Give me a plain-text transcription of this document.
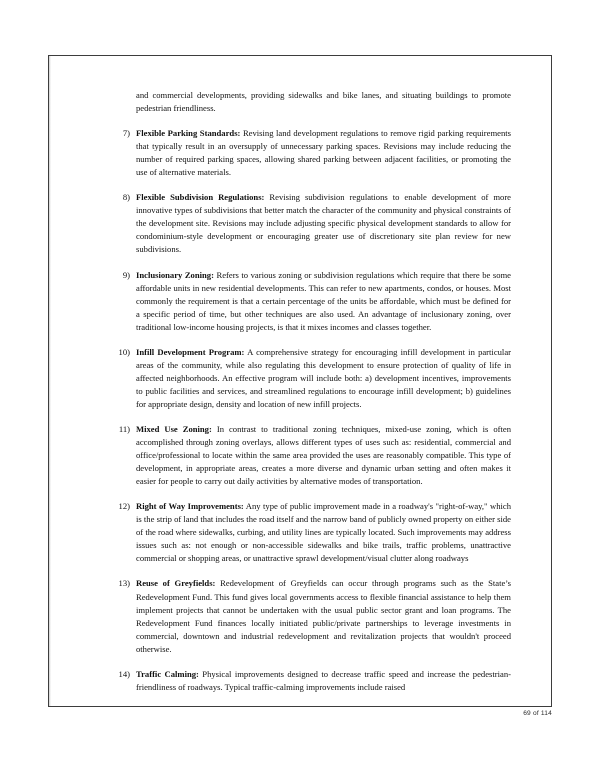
and commercial developments, providing sidewalks and bike lanes, and situating buildings to promote pedestrian friendliness.

7) Flexible Parking Standards: Revising land development regulations to remove rigid parking requirements that typically result in an oversupply of unnecessary parking spaces. Revisions may include reducing the number of required parking spaces, allowing shared parking between adjacent facilities, or promoting the use of alternative materials.
8) Flexible Subdivision Regulations: Revising subdivision regulations to enable development of more innovative types of subdivisions that better match the character of the community and physical constraints of the development site. Revisions may include adjusting specific physical development standards to allow for condominium-style development or encouraging greater use of discretionary site plan review for new subdivisions.
9) Inclusionary Zoning: Refers to various zoning or subdivision regulations which require that there be some affordable units in new residential developments. This can refer to new apartments, condos, or houses. Most commonly the requirement is that a certain percentage of the units be affordable, which must be defined for a specific period of time, but other techniques are also used. An advantage of inclusionary zoning, over traditional low-income housing projects, is that it mixes incomes and classes together.
10) Infill Development Program: A comprehensive strategy for encouraging infill development in particular areas of the community, while also regulating this development to ensure protection of quality of life in affected neighborhoods. An effective program will include both: a) development incentives, improvements to public facilities and services, and streamlined regulations to encourage infill development; b) guidelines for appropriate design, density and location of new infill projects.
11) Mixed Use Zoning: In contrast to traditional zoning techniques, mixed-use zoning, which is often accomplished through zoning overlays, allows different types of uses such as: residential, commercial and office/professional to locate within the same area provided the uses are reasonably compatible. This type of development, in appropriate areas, creates a more diverse and dynamic urban setting and often makes it easier for people to carry out daily activities by alternative modes of transportation.
12) Right of Way Improvements: Any type of public improvement made in a roadway's "right-of-way," which is the strip of land that includes the road itself and the narrow band of publicly owned property on either side of the road where sidewalks, curbing, and utility lines are typically located. Such improvements may address issues such as: not enough or non-accessible sidewalks and bike trails, traffic problems, unattractive commercial or shopping areas, or unattractive sprawl development/visual clutter along roadways
13) Reuse of Greyfields: Redevelopment of Greyfields can occur through programs such as the State’s Redevelopment Fund. This fund gives local governments access to flexible financial assistance to help them implement projects that cannot be undertaken with the usual public sector grant and loan programs. The Redevelopment Fund finances locally initiated public/private partnerships to leverage investments in commercial, downtown and industrial redevelopment and revitalization projects that wouldn't proceed otherwise.
14) Traffic Calming: Physical improvements designed to decrease traffic speed and increase the pedestrian-friendliness of roadways. Typical traffic-calming improvements include raised
69 of 114
